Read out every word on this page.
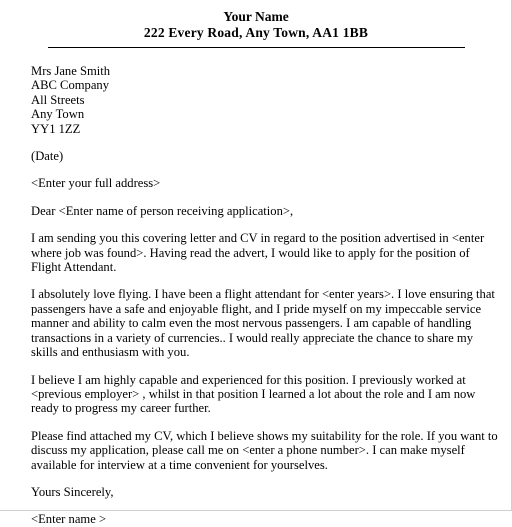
Your Name
222 Every Road, Any Town, AA1 1BB
Mrs Jane Smith
ABC Company
All Streets
Any Town
YY1 1ZZ

(Date)

<Enter your full address>

Dear <Enter name of person receiving application>,

I am sending you this covering letter and CV in regard to the position advertised in <enter where job was found>. Having read the advert, I would like to apply for the position of Flight Attendant.

I absolutely love flying. I have been a flight attendant for <enter years>. I love ensuring that passengers have a safe and enjoyable flight, and I pride myself on my impeccable service manner and ability to calm even the most nervous passengers. I am capable of handling transactions in a variety of currencies.. I would really appreciate the chance to share my skills and enthusiasm with you.

I believe I am highly capable and experienced for this position. I previously worked at <previous employer> , whilst in that position I learned a lot about the role and I am now ready to progress my career further.

Please find attached my CV, which I believe shows my suitability for the role. If you want to discuss my application, please call me on <enter a phone number>. I can make myself available for interview at a time convenient for yourselves.

Yours Sincerely,

<Enter name >
